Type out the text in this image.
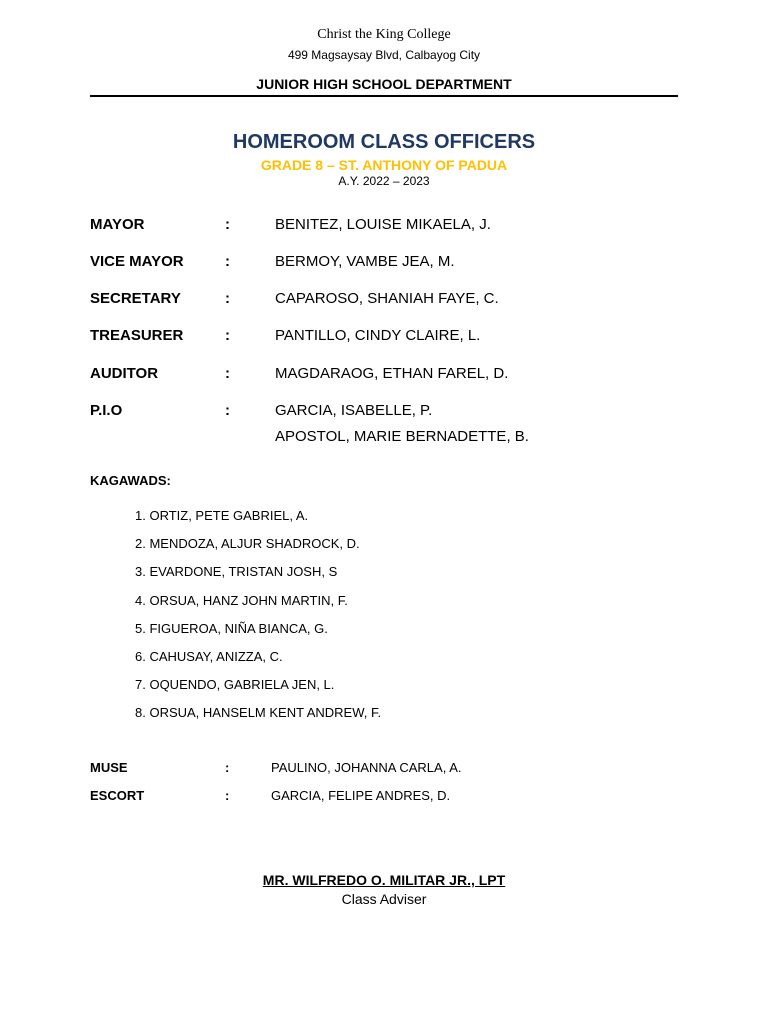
Christ the King College
499 Magsaysay Blvd, Calbayog City
JUNIOR HIGH SCHOOL DEPARTMENT
HOMEROOM CLASS OFFICERS
GRADE 8 – ST. ANTHONY OF PADUA
A.Y. 2022 – 2023
MAYOR	:	BENITEZ, LOUISE MIKAELA, J.
VICE MAYOR	:	BERMOY, VAMBE JEA, M.
SECRETARY	:	CAPAROSO, SHANIAH FAYE, C.
TREASURER	:	PANTILLO, CINDY CLAIRE, L.
AUDITOR	:	MAGDARAOG, ETHAN FAREL, D.
P.I.O	:	GARCIA, ISABELLE, P.
APOSTOL, MARIE BERNADETTE, B.
KAGAWADS:
1. ORTIZ, PETE GABRIEL, A.
2. MENDOZA, ALJUR SHADROCK, D.
3. EVARDONE, TRISTAN JOSH, S
4. ORSUA, HANZ JOHN MARTIN, F.
5. FIGUEROA, NIÑA BIANCA, G.
6. CAHUSAY, ANIZZA, C.
7. OQUENDO, GABRIELA JEN, L.
8. ORSUA, HANSELM KENT ANDREW, F.
MUSE	:	PAULINO, JOHANNA CARLA, A.
ESCORT	:	GARCIA, FELIPE ANDRES, D.
MR. WILFREDO O. MILITAR JR., LPT
Class Adviser
